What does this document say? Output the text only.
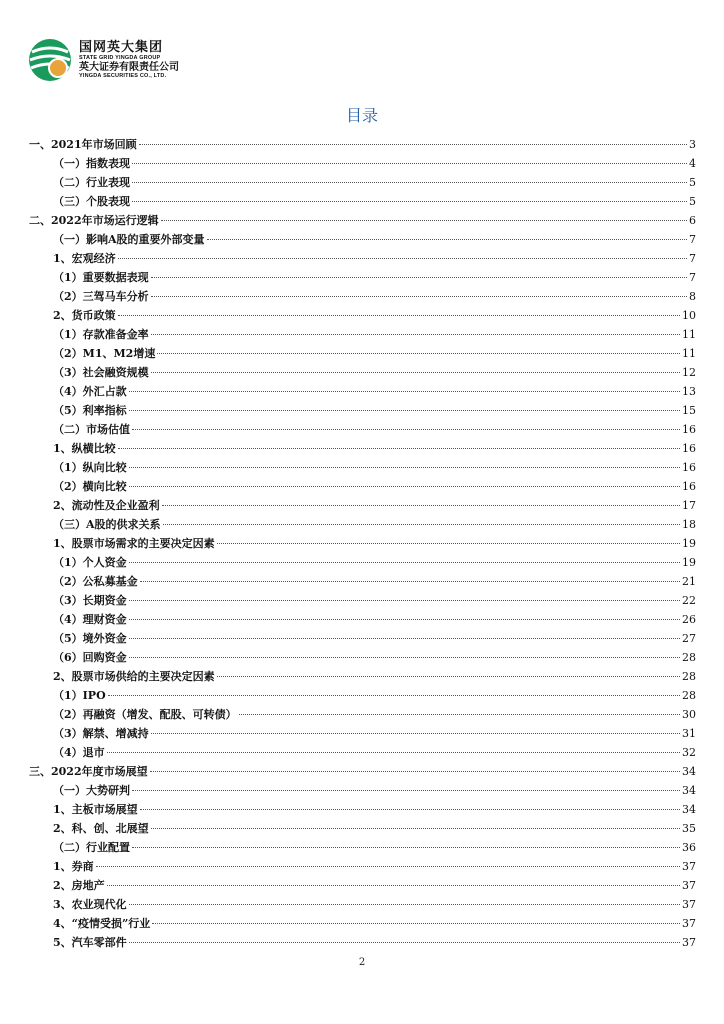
国网英大集团
STATE GRID YINGDA GROUP
英大证券有限责任公司
YINGDA SECURITIES CO., LTD.
目录
一、2021年市场回顾	3
（一）指数表现	4
（二）行业表现	5
（三）个股表现	5
二、2022年市场运行逻辑	6
（一）影响A股的重要外部变量	7
1、宏观经济	7
（1）重要数据表现	7
（2）三驾马车分析	8
2、货币政策	10
（1）存款准备金率	11
（2）M1、M2增速	11
（3）社会融资规模	12
（4）外汇占款	13
（5）利率指标	15
（二）市场估值	16
1、纵横比较	16
（1）纵向比较	16
（2）横向比较	16
2、流动性及企业盈利	17
（三）A股的供求关系	18
1、股票市场需求的主要决定因素	19
（1）个人资金	19
（2）公私募基金	21
（3）长期资金	22
（4）理财资金	26
（5）境外资金	27
（6）回购资金	28
2、股票市场供给的主要决定因素	28
（1）IPO	28
（2）再融资（增发、配股、可转债）	30
（3）解禁、增减持	31
（4）退市	32
三、2022年度市场展望	34
（一）大势研判	34
1、主板市场展望	34
2、科、创、北展望	35
（二）行业配置	36
1、券商	37
2、房地产	37
3、农业现代化	37
4、“疫情受损”行业	37
5、汽车零部件	37
2
